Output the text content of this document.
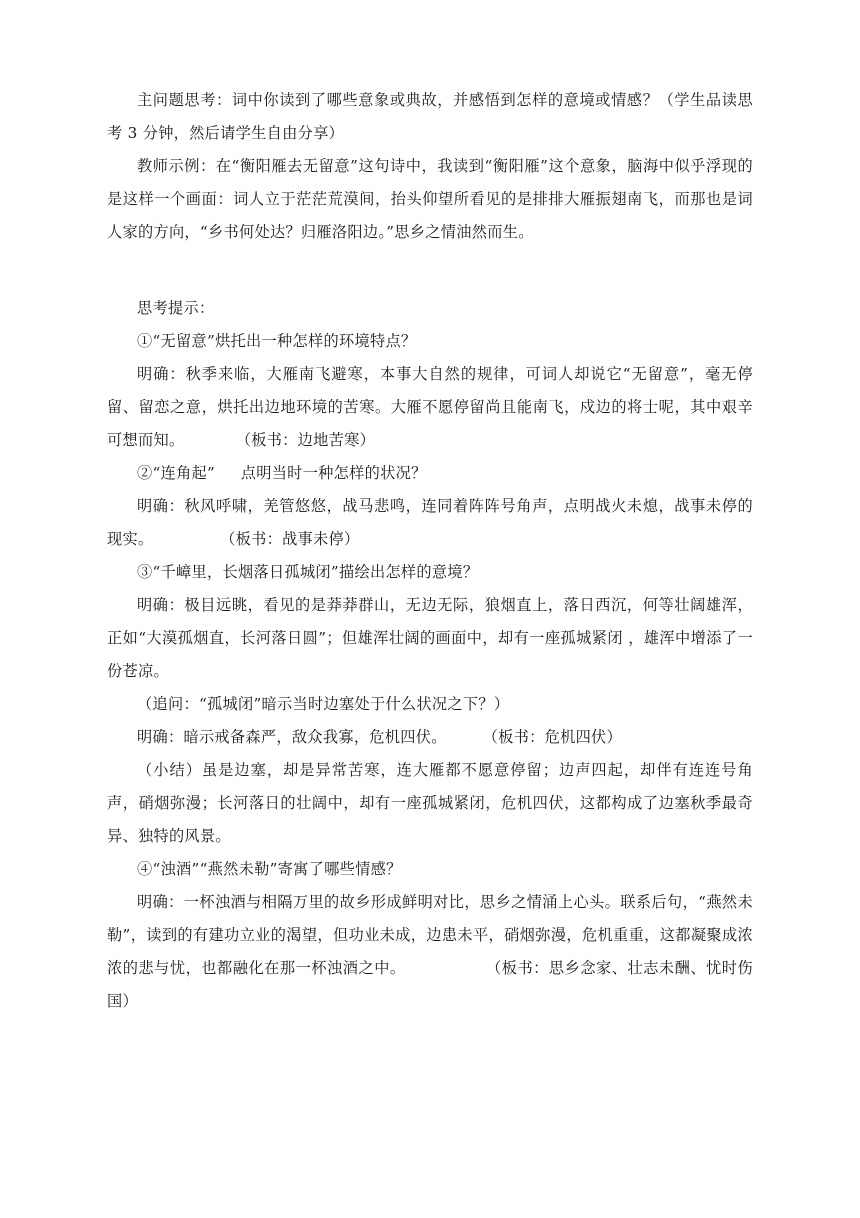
主问题思考：词中你读到了哪些意象或典故，并感悟到怎样的意境或情感？（学生品读思考 3 分钟，然后请学生自由分享）

教师示例：在“衡阳雁去无留意”这句诗中，我读到“衡阳雁”这个意象，脑海中似乎浮现的是这样一个画面：词人立于茫茫荒漠间，抬头仰望所看见的是排排大雁振翅南飞，而那也是词人家的方向，“乡书何处达？归雁洛阳边。”思乡之情油然而生。

思考提示：

①“无留意”烘托出一种怎样的环境特点？

明确：秋季来临，大雁南飞避寒，本事大自然的规律，可词人却说它“无留意”，毫无停留、留恋之意，烘托出边地环境的苦寒。大雁不愿停留尚且能南飞，戍边的将士呢，其中艰辛可想而知。          （板书：边地苦寒）

②“连角起”     点明当时一种怎样的状况？

明确：秋风呼啸，羌管悠悠，战马悲鸣，连同着阵阵号角声，点明战火未熄，战事未停的现实。             （板书：战事未停）

③“千嶂里，长烟落日孤城闭”描绘出怎样的意境？

明确：极目远眺，看见的是莽莽群山，无边无际，狼烟直上，落日西沉，何等壮阔雄浑，正如“大漠孤烟直，长河落日圆”；但雄浑壮阔的画面中，却有一座孤城紧闭 ，雄浑中增添了一份苍凉。

（追问：“孤城闭”暗示当时边塞处于什么状况之下？）

明确：暗示戒备森严，敌众我寡，危机四伏。       （板书：危机四伏）

（小结）虽是边塞，却是异常苦寒，连大雁都不愿意停留；边声四起，却伴有连连号角声，硝烟弥漫；长河落日的壮阔中，却有一座孤城紧闭，危机四伏，这都构成了边塞秋季最奇异、独特的风景。

④“浊酒”“燕然未勒”寄寓了哪些情感？

明确：一杯浊酒与相隔万里的故乡形成鲜明对比，思乡之情涌上心头。联系后句，“燕然未勒”，读到的有建功立业的渴望，但功业未成，边患未平，硝烟弥漫，危机重重，这都凝聚成浓浓的悲与忧，也都融化在那一杯浊酒之中。               （板书：思乡念家、壮志未酬、忧时伤国）
